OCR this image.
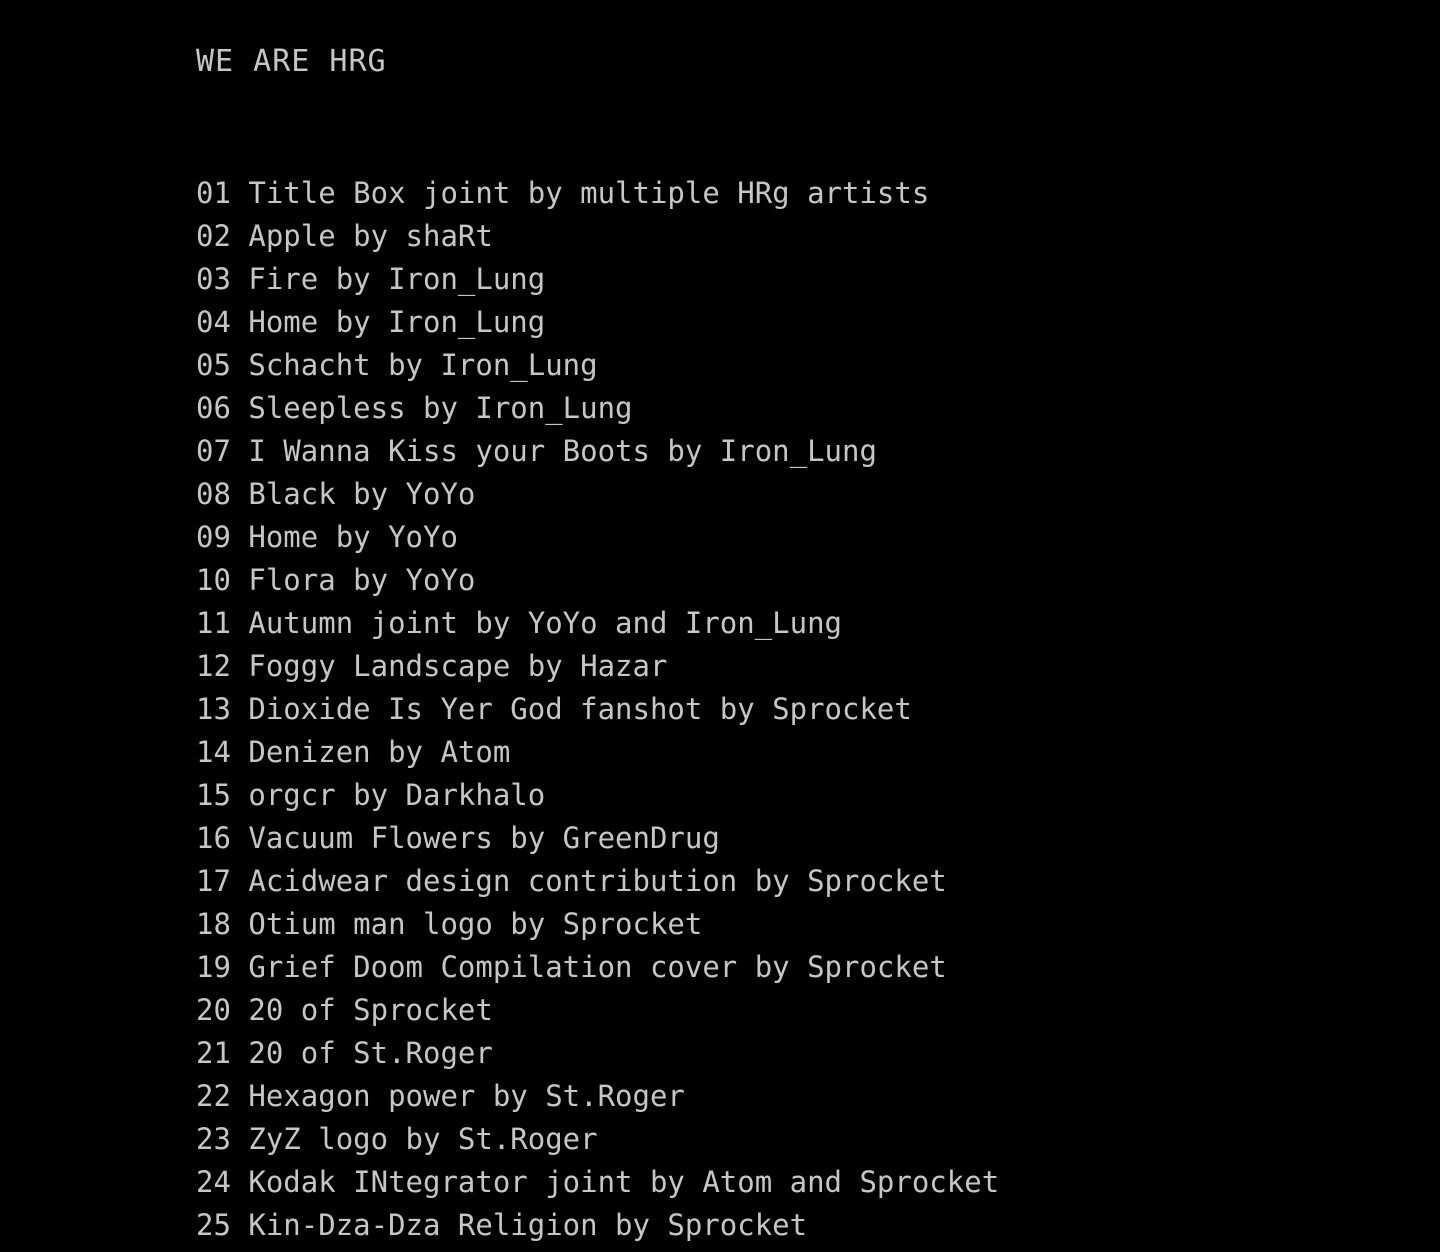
WE ARE HRG
01 Title Box joint by multiple HRg artists
02 Apple by shaRt
03 Fire by Iron_Lung
04 Home by Iron_Lung
05 Schacht by Iron_Lung
06 Sleepless by Iron_Lung
07 I Wanna Kiss your Boots by Iron_Lung
08 Black by YoYo
09 Home by YoYo
10 Flora by YoYo
11 Autumn joint by YoYo and Iron_Lung
12 Foggy Landscape by Hazar
13 Dioxide Is Yer God fanshot by Sprocket
14 Denizen by Atom
15 orgcr by Darkhalo
16 Vacuum Flowers by GreenDrug
17 Acidwear design contribution by Sprocket
18 Otium man logo by Sprocket
19 Grief Doom Compilation cover by Sprocket
20 20 of Sprocket
21 20 of St.Roger
22 Hexagon power by St.Roger
23 ZyZ logo by St.Roger
24 Kodak INtegrator joint by Atom and Sprocket
25 Kin-Dza-Dza Religion by Sprocket
